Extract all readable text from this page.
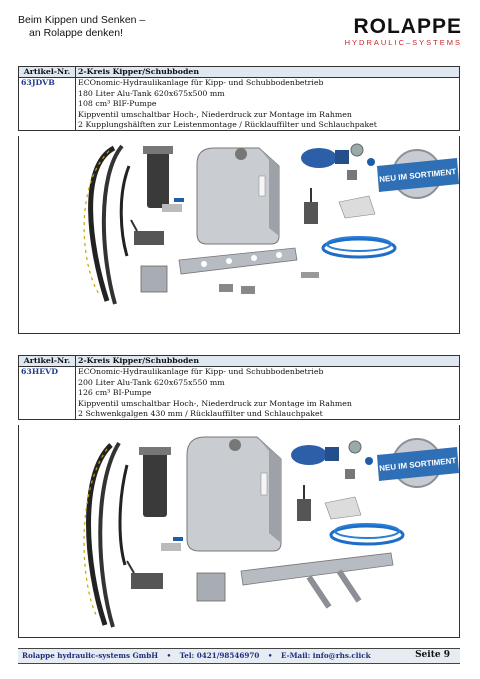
Beim Kippen und Senken –
an Rolappe denken!	ROLAPPE
HYDRAULIC–SYSTEMS
Artikel-Nr.	2-Kreis Kipper/Schubboden
63JDVB	ECOnomic-Hydraulikanlage für Kipp- und Schubbodenbetrieb
180 Liter Alu-Tank 620x675x500 mm
108 cm³ BIF-Pumpe
Kippventil umschaltbar Hoch-, Niederdruck zur Montage im Rahmen
2 Kupplungshälften zur Leistenmontage / Rücklauffilter und Schlauchpaket
NEU IM SORTIMENT
Artikel-Nr.	2-Kreis Kipper/Schubboden
63HEVD	ECOnomic-Hydraulikanlage für Kipp- und Schubbodenbetrieb
200 Liter Alu-Tank 620x675x550 mm
126 cm³ BI-Pumpe
Kippventil umschaltbar Hoch-, Niederdruck zur Montage im Rahmen
2 Schwenkgalgen 430 mm / Rücklauffilter und Schlauchpaket
NEU IM SORTIMENT
Rolappe hydraulic-systems GmbH • Tel: 0421/98546970 • E-Mail: info@rhs.click	Seite 9
